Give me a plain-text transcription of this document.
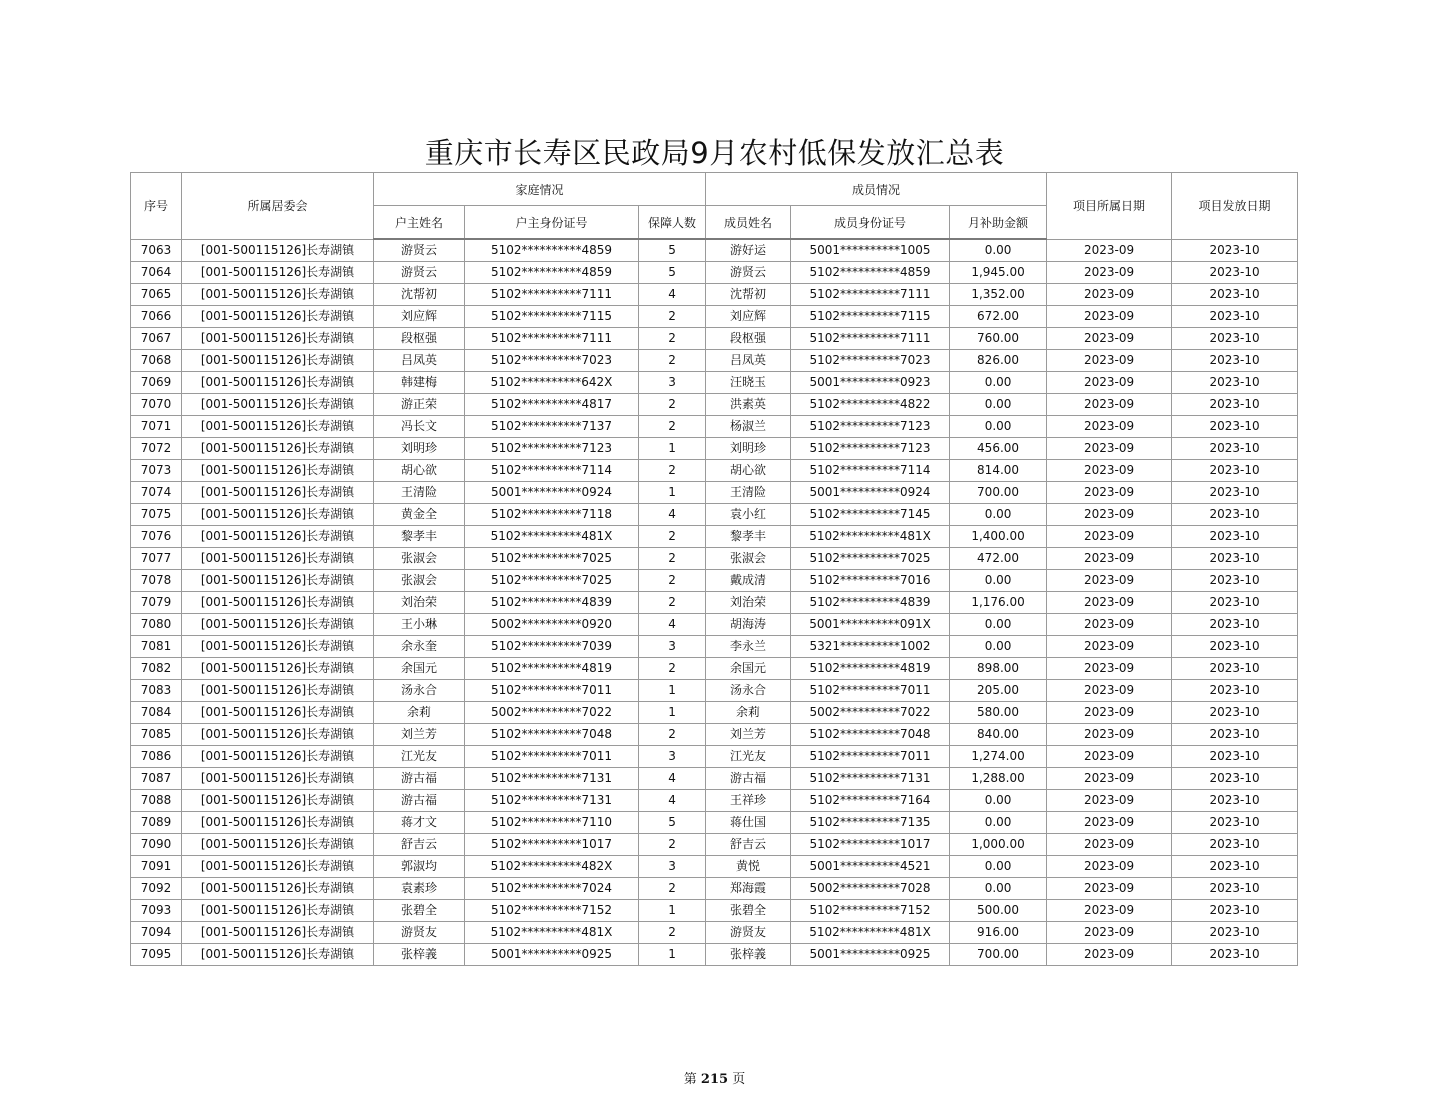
重庆市长寿区民政局9月农村低保发放汇总表
序号	所属居委会	家庭情况			成员情况			项目所属日期	项目发放日期
		户主姓名	户主身份证号	保障人数	成员姓名	成员身份证号	月补助金额		
7063	[001-500115126]长寿湖镇	游贤云	5102**********4859	5	游好运	5001**********1005	0.00	2023-09	2023-10
7064	[001-500115126]长寿湖镇	游贤云	5102**********4859	5	游贤云	5102**********4859	1,945.00	2023-09	2023-10
7065	[001-500115126]长寿湖镇	沈帮初	5102**********7111	4	沈帮初	5102**********7111	1,352.00	2023-09	2023-10
7066	[001-500115126]长寿湖镇	刘应辉	5102**********7115	2	刘应辉	5102**********7115	672.00	2023-09	2023-10
7067	[001-500115126]长寿湖镇	段枢强	5102**********7111	2	段枢强	5102**********7111	760.00	2023-09	2023-10
7068	[001-500115126]长寿湖镇	吕凤英	5102**********7023	2	吕凤英	5102**********7023	826.00	2023-09	2023-10
7069	[001-500115126]长寿湖镇	韩建梅	5102**********642X	3	汪晓玉	5001**********0923	0.00	2023-09	2023-10
7070	[001-500115126]长寿湖镇	游正荣	5102**********4817	2	洪素英	5102**********4822	0.00	2023-09	2023-10
7071	[001-500115126]长寿湖镇	冯长文	5102**********7137	2	杨淑兰	5102**********7123	0.00	2023-09	2023-10
7072	[001-500115126]长寿湖镇	刘明珍	5102**********7123	1	刘明珍	5102**********7123	456.00	2023-09	2023-10
7073	[001-500115126]长寿湖镇	胡心欲	5102**********7114	2	胡心欲	5102**********7114	814.00	2023-09	2023-10
7074	[001-500115126]长寿湖镇	王清险	5001**********0924	1	王清险	5001**********0924	700.00	2023-09	2023-10
7075	[001-500115126]长寿湖镇	黄金全	5102**********7118	4	袁小红	5102**********7145	0.00	2023-09	2023-10
7076	[001-500115126]长寿湖镇	黎孝丰	5102**********481X	2	黎孝丰	5102**********481X	1,400.00	2023-09	2023-10
7077	[001-500115126]长寿湖镇	张淑会	5102**********7025	2	张淑会	5102**********7025	472.00	2023-09	2023-10
7078	[001-500115126]长寿湖镇	张淑会	5102**********7025	2	戴成清	5102**********7016	0.00	2023-09	2023-10
7079	[001-500115126]长寿湖镇	刘治荣	5102**********4839	2	刘治荣	5102**********4839	1,176.00	2023-09	2023-10
7080	[001-500115126]长寿湖镇	王小琳	5002**********0920	4	胡海涛	5001**********091X	0.00	2023-09	2023-10
7081	[001-500115126]长寿湖镇	余永奎	5102**********7039	3	李永兰	5321**********1002	0.00	2023-09	2023-10
7082	[001-500115126]长寿湖镇	余国元	5102**********4819	2	余国元	5102**********4819	898.00	2023-09	2023-10
7083	[001-500115126]长寿湖镇	汤永合	5102**********7011	1	汤永合	5102**********7011	205.00	2023-09	2023-10
7084	[001-500115126]长寿湖镇	余莉	5002**********7022	1	余莉	5002**********7022	580.00	2023-09	2023-10
7085	[001-500115126]长寿湖镇	刘兰芳	5102**********7048	2	刘兰芳	5102**********7048	840.00	2023-09	2023-10
7086	[001-500115126]长寿湖镇	江光友	5102**********7011	3	江光友	5102**********7011	1,274.00	2023-09	2023-10
7087	[001-500115126]长寿湖镇	游古福	5102**********7131	4	游古福	5102**********7131	1,288.00	2023-09	2023-10
7088	[001-500115126]长寿湖镇	游古福	5102**********7131	4	王祥珍	5102**********7164	0.00	2023-09	2023-10
7089	[001-500115126]长寿湖镇	蒋才文	5102**********7110	5	蒋仕国	5102**********7135	0.00	2023-09	2023-10
7090	[001-500115126]长寿湖镇	舒吉云	5102**********1017	2	舒吉云	5102**********1017	1,000.00	2023-09	2023-10
7091	[001-500115126]长寿湖镇	郭淑均	5102**********482X	3	黄悦	5001**********4521	0.00	2023-09	2023-10
7092	[001-500115126]长寿湖镇	袁素珍	5102**********7024	2	郑海霞	5002**********7028	0.00	2023-09	2023-10
7093	[001-500115126]长寿湖镇	张碧全	5102**********7152	1	张碧全	5102**********7152	500.00	2023-09	2023-10
7094	[001-500115126]长寿湖镇	游贤友	5102**********481X	2	游贤友	5102**********481X	916.00	2023-09	2023-10
7095	[001-500115126]长寿湖镇	张梓義	5001**********0925	1	张梓義	5001**********0925	700.00	2023-09	2023-10
第 215 页
